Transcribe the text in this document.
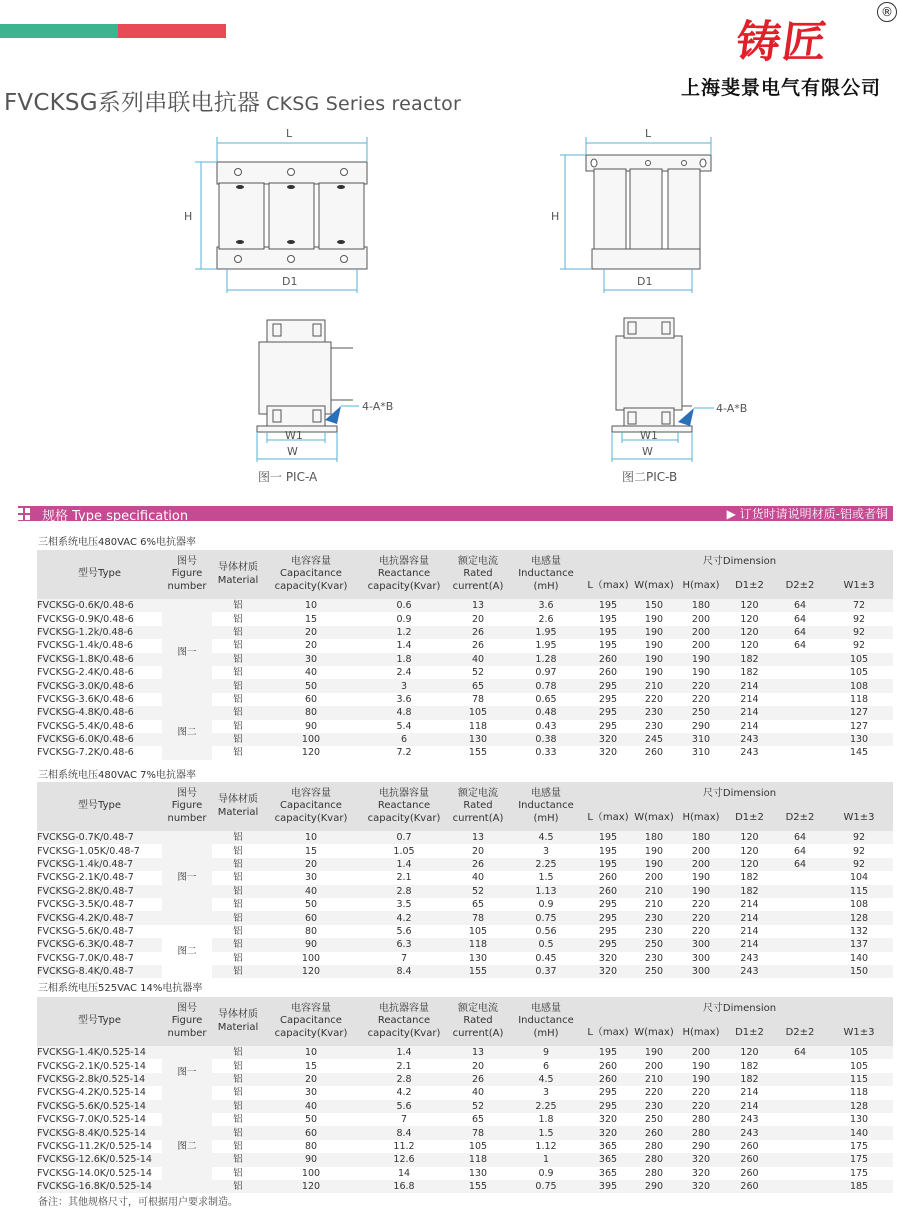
FVCKSG系列串联电抗器 CKSG Series reactor
铸匠
®
上海斐景电气有限公司
L
H
D1
L
H
D1
W1
W
4-A*B
图一 PIC-A
W1
W
4-A*B
图二PIC-B
规格 Type specification	▶ 订货时请说明材质-铝或者铜
三相系统电压480VAC 6%电抗器率
三相系统电压480VAC 7%电抗器率
三相系统电压525VAC 14%电抗器率
型号Type	图号
Figure
number	导体材质
Material	电容容量
Capacitance
capacity(Kvar)	电抗器容量
Reactance
capacity(Kvar)	额定电流
Rated
current(A)	电感量
Inductance
(mH)	尺寸Dimension					
							L（max)	W(max)	H(max)	D1±2	D2±2	W1±3
FVCKSG-0.6K/0.48-6	图一	铝	10	0.6	13	3.6	195	150	180	120	64	72
FVCKSG-0.9K/0.48-6		铝	15	0.9	20	2.6	195	190	200	120	64	92
FVCKSG-1.2k/0.48-6		铝	20	1.2	26	1.95	195	190	200	120	64	92
FVCKSG-1.4k/0.48-6		铝	20	1.4	26	1.95	195	190	200	120	64	92
FVCKSG-1.8K/0.48-6		铝	30	1.8	40	1.28	260	190	190	182		105
FVCKSG-2.4K/0.48-6		铝	40	2.4	52	0.97	260	190	190	182		105
FVCKSG-3.0K/0.48-6		铝	50	3	65	0.78	295	210	220	214		108
FVCKSG-3.6K/0.48-6		铝	60	3.6	78	0.65	295	220	220	214		118
FVCKSG-4.8K/0.48-6	图二	铝	80	4.8	105	0.48	295	230	250	214		127
FVCKSG-5.4K/0.48-6		铝	90	5.4	118	0.43	295	230	290	214		127
FVCKSG-6.0K/0.48-6		铝	100	6	130	0.38	320	245	310	243		130
FVCKSG-7.2K/0.48-6		铝	120	7.2	155	0.33	320	260	310	243		145
型号Type	图号
Figure
number	导体材质
Material	电容容量
Capacitance
capacity(Kvar)	电抗器容量
Reactance
capacity(Kvar)	额定电流
Rated
current(A)	电感量
Inductance
(mH)	尺寸Dimension					
							L（max)	W(max)	H(max)	D1±2	D2±2	W1±3
FVCKSG-0.7K/0.48-7	图一	铝	10	0.7	13	4.5	195	180	180	120	64	92
FVCKSG-1.05K/0.48-7		铝	15	1.05	20	3	195	190	200	120	64	92
FVCKSG-1.4k/0.48-7		铝	20	1.4	26	2.25	195	190	200	120	64	92
FVCKSG-2.1K/0.48-7		铝	30	2.1	40	1.5	260	200	190	182		104
FVCKSG-2.8K/0.48-7		铝	40	2.8	52	1.13	260	210	190	182		115
FVCKSG-3.5K/0.48-7		铝	50	3.5	65	0.9	295	210	220	214		108
FVCKSG-4.2K/0.48-7		铝	60	4.2	78	0.75	295	230	220	214		128
FVCKSG-5.6K/0.48-7	图二	铝	80	5.6	105	0.56	295	230	220	214		132
FVCKSG-6.3K/0.48-7		铝	90	6.3	118	0.5	295	250	300	214		137
FVCKSG-7.0K/0.48-7		铝	100	7	130	0.45	320	230	300	243		140
FVCKSG-8.4K/0.48-7		铝	120	8.4	155	0.37	320	250	300	243		150
型号Type	图号
Figure
number	导体材质
Material	电容容量
Capacitance
capacity(Kvar)	电抗器容量
Reactance
capacity(Kvar)	额定电流
Rated
current(A)	电感量
Inductance
(mH)	尺寸Dimension					
							L（max)	W(max)	H(max)	D1±2	D2±2	W1±3
FVCKSG-1.4K/0.525-14	图一	铝	10	1.4	13	9	195	190	200	120	64	105
FVCKSG-2.1K/0.525-14		铝	15	2.1	20	6	260	200	190	182		105
FVCKSG-2.8k/0.525-14		铝	20	2.8	26	4.5	260	210	190	182		115
FVCKSG-4.2K/0.525-14		铝	30	4.2	40	3	295	220	220	214		118
FVCKSG-5.6K/0.525-14	图二	铝	40	5.6	52	2.25	295	230	220	214		128
FVCKSG-7.0K/0.525-14		铝	50	7	65	1.8	320	250	280	243		130
FVCKSG-8.4K/0.525-14		铝	60	8.4	78	1.5	320	260	280	243		140
FVCKSG-11.2K/0.525-14		铝	80	11.2	105	1.12	365	280	290	260		175
FVCKSG-12.6K/0.525-14		铝	90	12.6	118	1	365	280	320	260		175
FVCKSG-14.0K/0.525-14		铝	100	14	130	0.9	365	280	320	260		175
FVCKSG-16.8K/0.525-14		铝	120	16.8	155	0.75	395	290	320	260		185
备注：其他规格尺寸，可根据用户要求制造。
